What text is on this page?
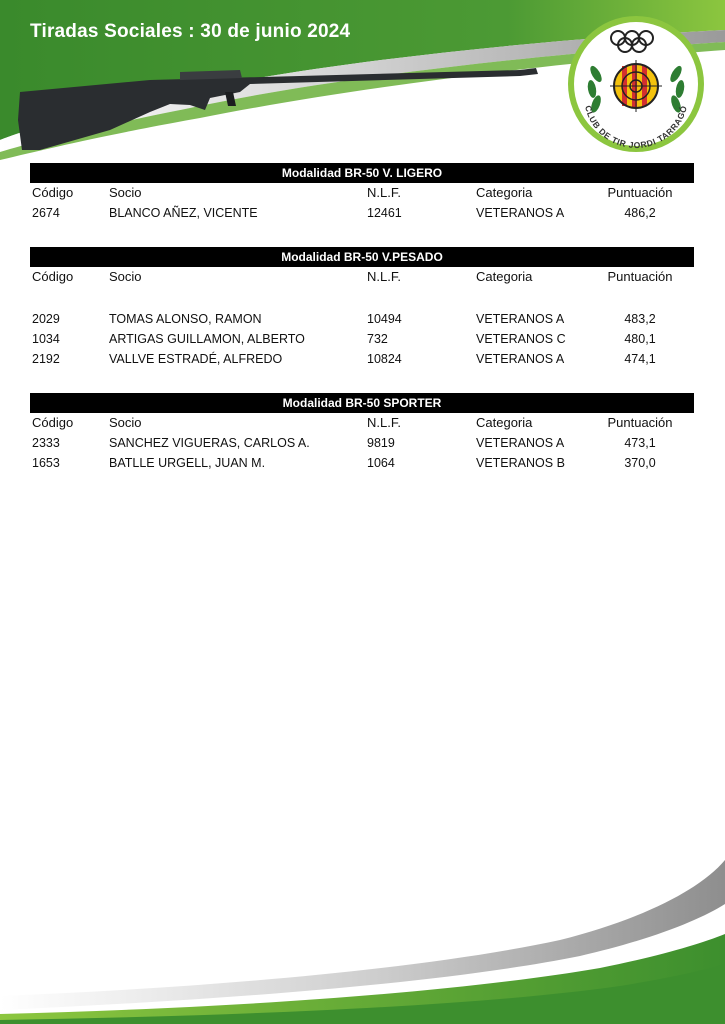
Tiradas Sociales : 30 de junio 2024
CLUB DE TIR JORDI TARRAGÓ
Modalidad BR-50 V. LIGERO
Código	Socio	N.L.F.	Categoria	Puntuación
2674	BLANCO AÑEZ, VICENTE	12461	VETERANOS A	486,2
Modalidad BR-50 V.PESADO
Código	Socio	N.L.F.	Categoria	Puntuación
2029	TOMAS ALONSO, RAMON	10494	VETERANOS A	483,2
1034	ARTIGAS GUILLAMON, ALBERTO	732	VETERANOS C	480,1
2192	VALLVE ESTRADÉ, ALFREDO	10824	VETERANOS A	474,1
Modalidad BR-50 SPORTER
Código	Socio	N.L.F.	Categoria	Puntuación
2333	SANCHEZ VIGUERAS, CARLOS A.	9819	VETERANOS A	473,1
1653	BATLLE URGELL, JUAN M.	1064	VETERANOS B	370,0
